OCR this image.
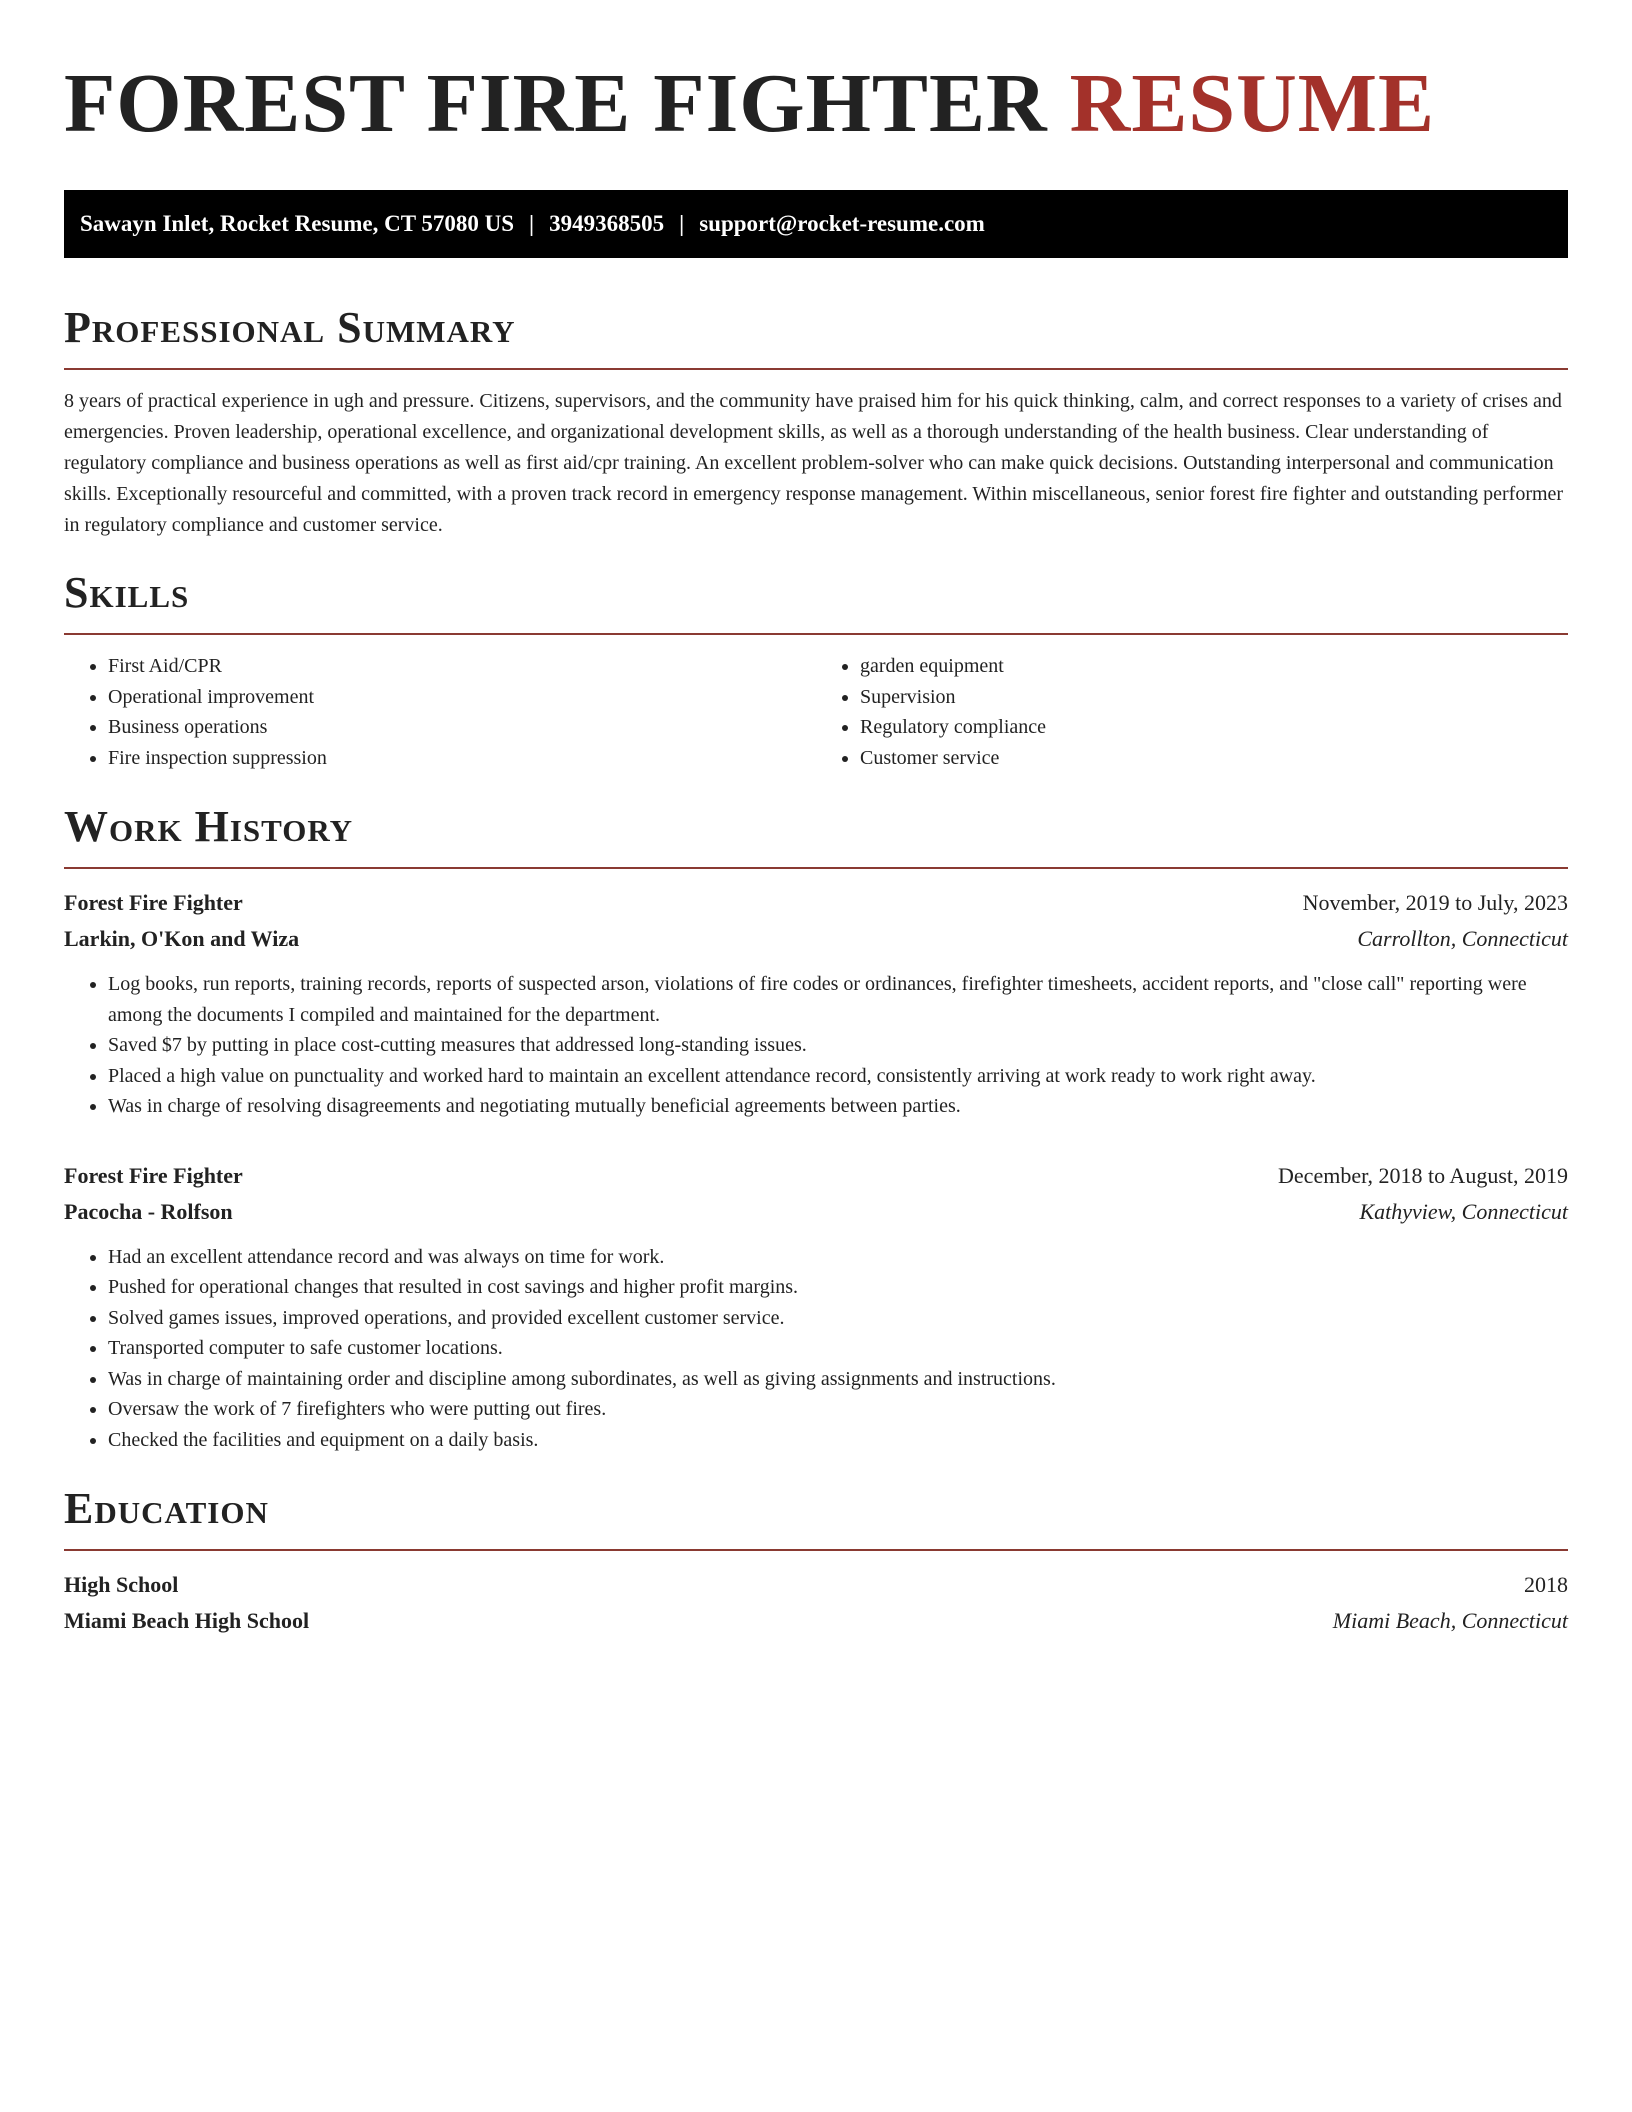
FOREST FIRE FIGHTER RESUME
Sawayn Inlet, Rocket Resume, CT 57080 US | 3949368505 | support@rocket-resume.com
Professional Summary

8 years of practical experience in ugh and pressure. Citizens, supervisors, and the community have praised him for his quick thinking, calm, and correct responses to a variety of crises and emergencies. Proven leadership, operational excellence, and organizational development skills, as well as a thorough understanding of the health business. Clear understanding of regulatory compliance and business operations as well as first aid/cpr training. An excellent problem-solver who can make quick decisions. Outstanding interpersonal and communication skills. Exceptionally resourceful and committed, with a proven track record in emergency response management. Within miscellaneous, senior forest fire fighter and outstanding performer in regulatory compliance and customer service.

Skills
• First Aid/CPR
• Operational improvement
• Business operations
• Fire inspection suppression
• garden equipment
• Supervision
• Regulatory compliance
• Customer service
Work History
Forest Fire Fighter	November, 2019 to July, 2023
Larkin, O'Kon and Wiza	Carrollton, Connecticut
• Log books, run reports, training records, reports of suspected arson, violations of fire codes or ordinances, firefighter timesheets, accident reports, and "close call" reporting were among the documents I compiled and maintained for the department.
• Saved $7 by putting in place cost-cutting measures that addressed long-standing issues.
• Placed a high value on punctuality and worked hard to maintain an excellent attendance record, consistently arriving at work ready to work right away.
• Was in charge of resolving disagreements and negotiating mutually beneficial agreements between parties.
Forest Fire Fighter	December, 2018 to August, 2019
Pacocha - Rolfson	Kathyview, Connecticut
• Had an excellent attendance record and was always on time for work.
• Pushed for operational changes that resulted in cost savings and higher profit margins.
• Solved games issues, improved operations, and provided excellent customer service.
• Transported computer to safe customer locations.
• Was in charge of maintaining order and discipline among subordinates, as well as giving assignments and instructions.
• Oversaw the work of 7 firefighters who were putting out fires.
• Checked the facilities and equipment on a daily basis.
Education
High School	2018
Miami Beach High School	Miami Beach, Connecticut
